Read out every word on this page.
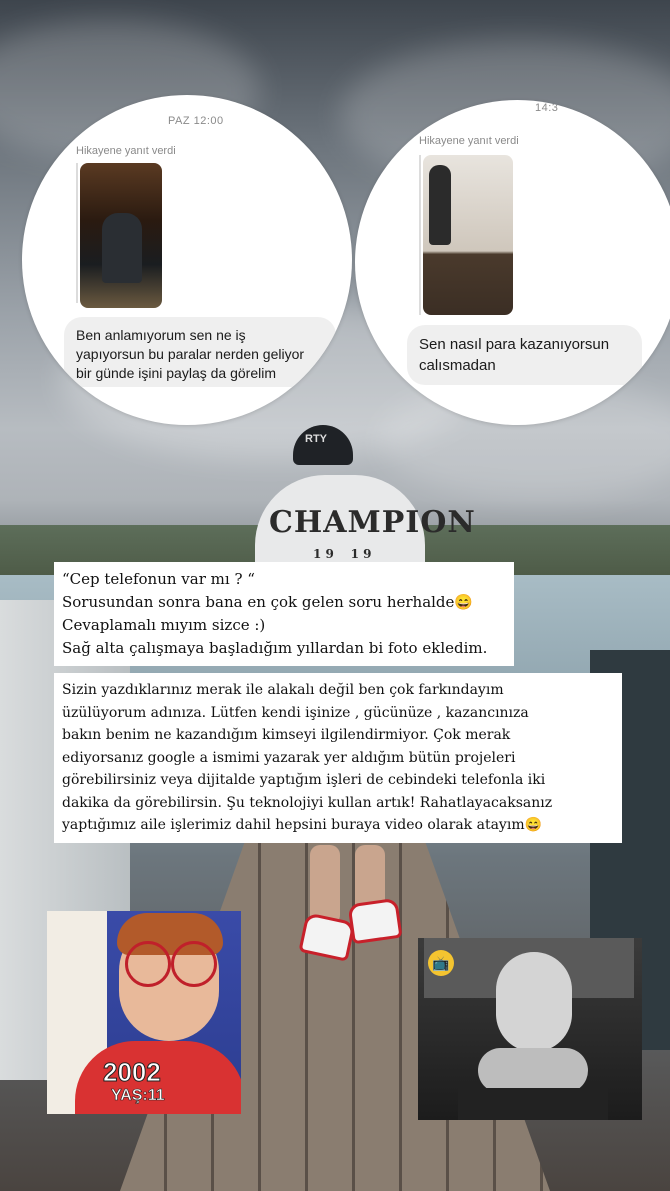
RTY
CHAMPION
1 9    1 9
PAZ 12:00
Hikayene yanıt verdi
Ben anlamıyorum sen ne iş
yapıyorsun bu paralar nerden geliyor
bir günde işini paylaş da görelim
14:3
Hikayene yanıt verdi
Sen nasıl para kazanıyorsun
calısmadan
“Cep telefonun var mı ? “
Sorusundan sonra bana en çok gelen soru herhalde😄
Cevaplamalı mıyım sizce :)
Sağ alta çalışmaya başladığım yıllardan bi foto ekledim.
Sizin yazdıklarınız merak ile alakalı değil ben çok farkındayım
üzülüyorum adınıza. Lütfen kendi işinize , gücünüze , kazancınıza
bakın benim ne kazandığım kimseyi ilgilendirmiyor. Çok merak
ediyorsanız google a ismimi yazarak yer aldığım bütün projeleri
görebilirsiniz veya dijitalde yaptığım işleri de cebindeki telefonla iki
dakika da görebilirsin. Şu teknolojiyi kullan artık! Rahatlayacaksanız
yaptığımız aile işlerimiz dahil hepsini buraya video olarak atayım😄
2002
YAŞ:11
📺
